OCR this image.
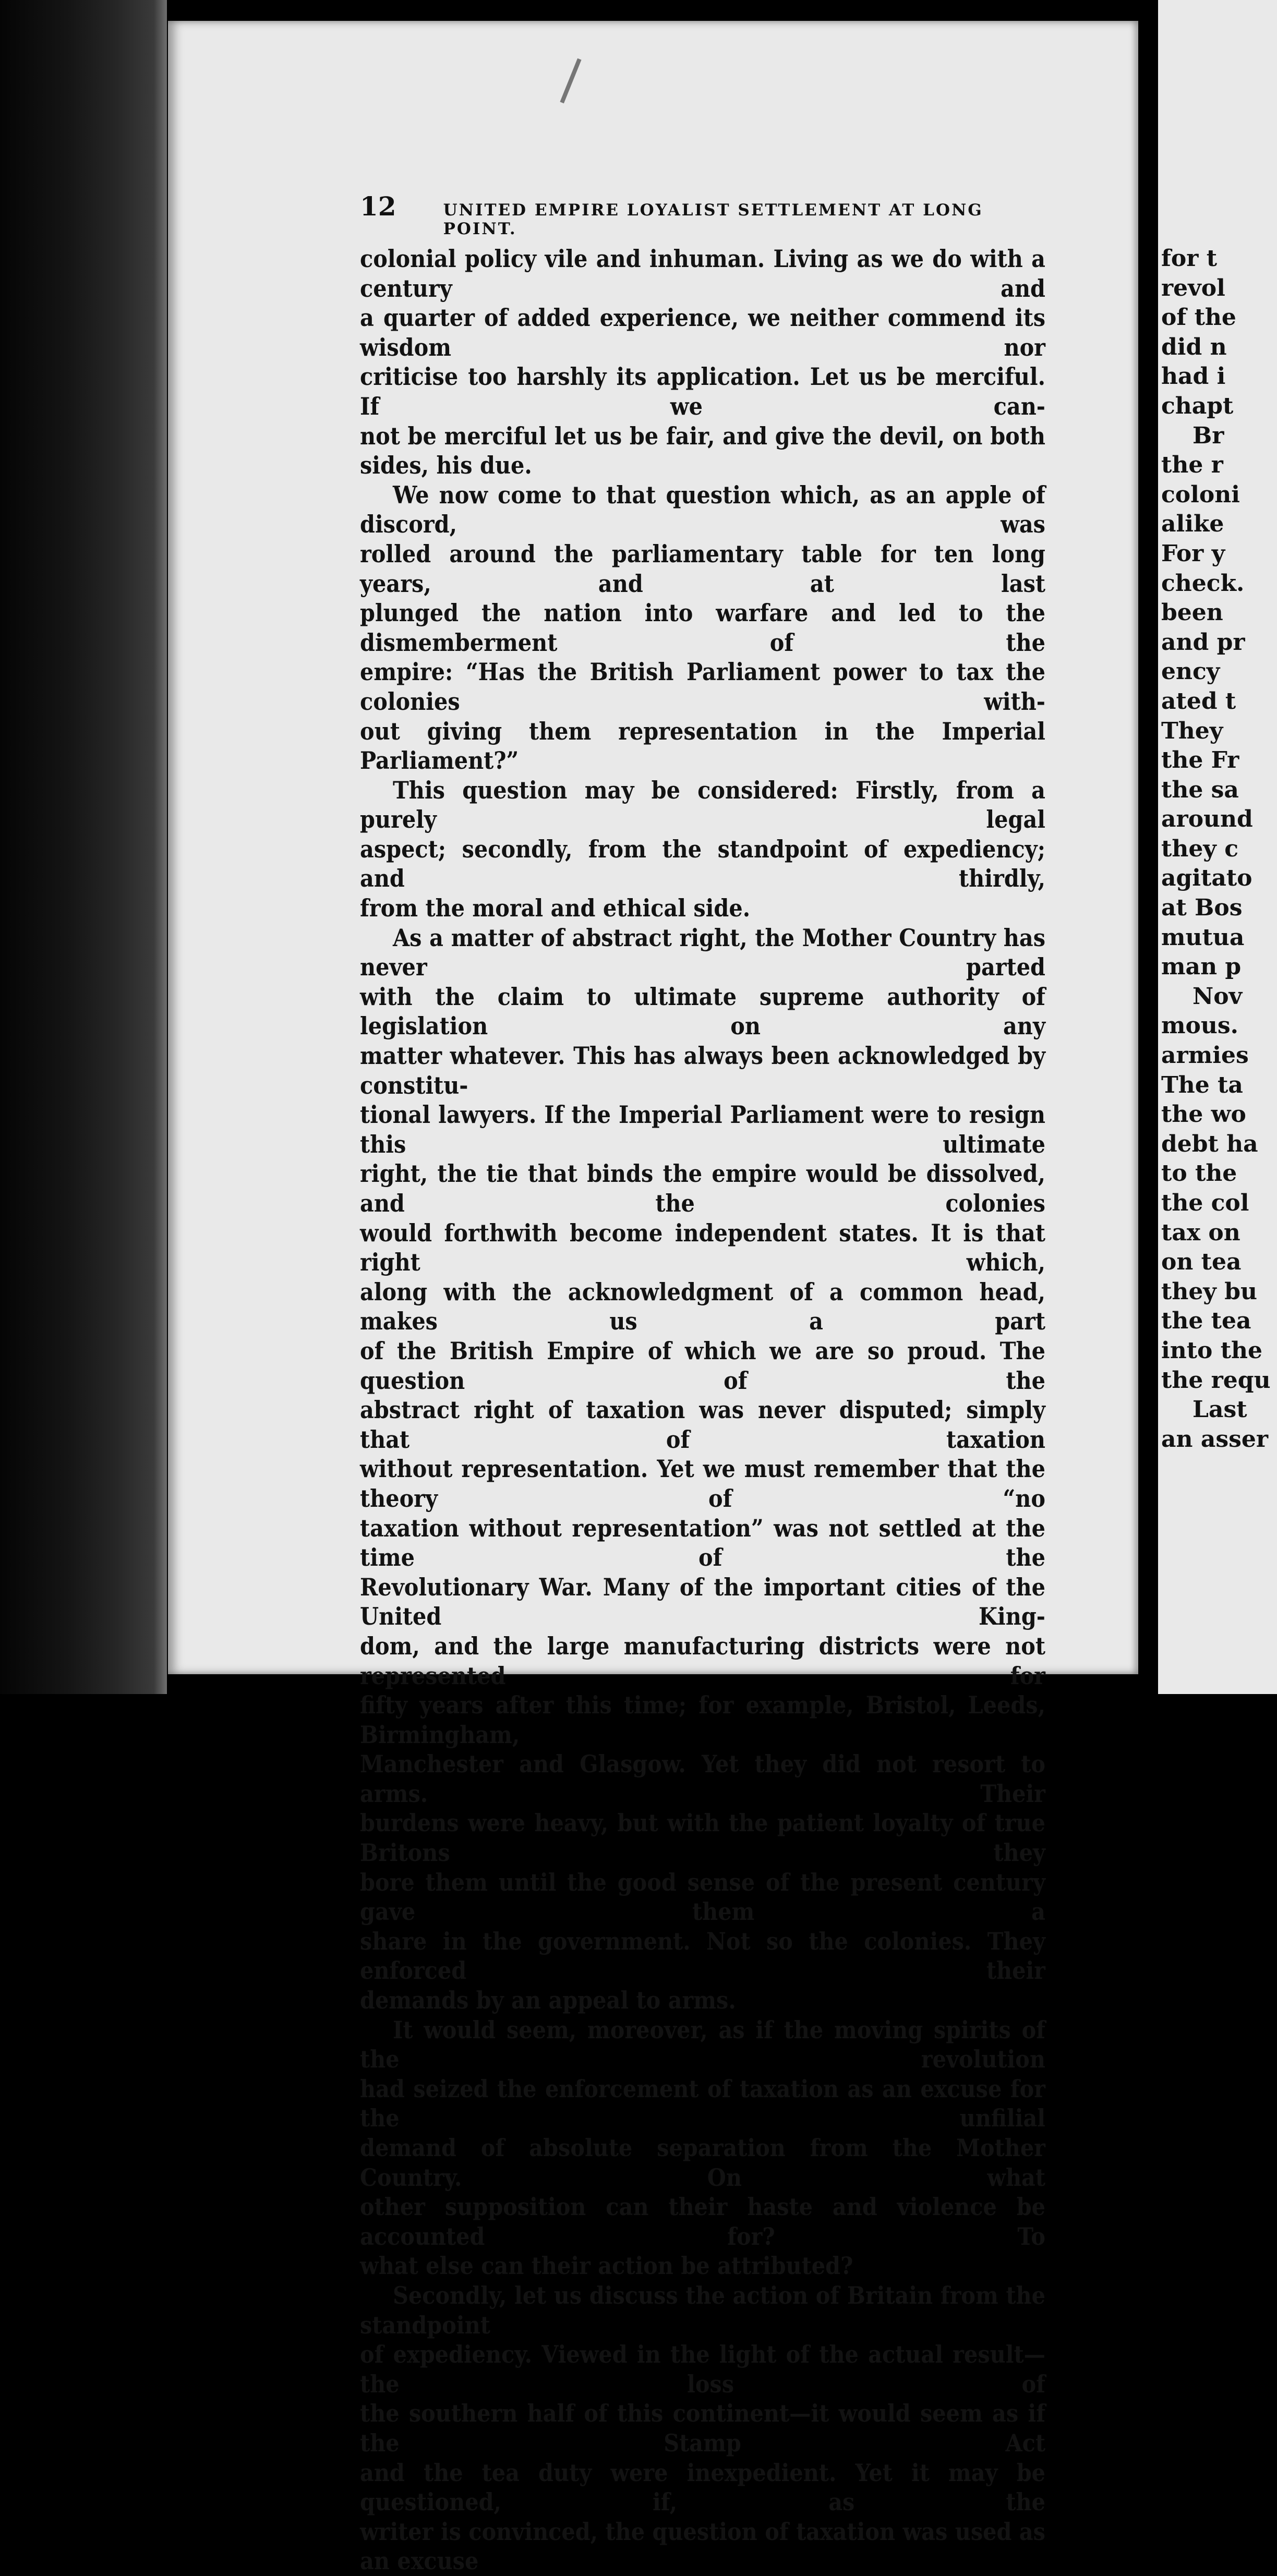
12	UNITED EMPIRE LOYALIST SETTLEMENT AT LONG POINT.

colonial policy vile and inhuman. Living as we do with a century and

a quarter of added experience, we neither commend its wisdom nor

criticise too harshly its application. Let us be merciful. If we can-

not be merciful let us be fair, and give the devil, on both sides, his due.

We now come to that question which, as an apple of discord, was

rolled around the parliamentary table for ten long years, and at last

plunged the nation into warfare and led to the dismemberment of the

empire: “Has the British Parliament power to tax the colonies with-

out giving them representation in the Imperial Parliament?”

This question may be considered: Firstly, from a purely legal

aspect; secondly, from the standpoint of expediency; and thirdly,

from the moral and ethical side.

As a matter of abstract right, the Mother Country has never parted

with the claim to ultimate supreme authority of legislation on any

matter whatever. This has always been acknowledged by constitu-

tional lawyers. If the Imperial Parliament were to resign this ultimate

right, the tie that binds the empire would be dissolved, and the colonies

would forthwith become independent states. It is that right which,

along with the acknowledgment of a common head, makes us a part

of the British Empire of which we are so proud. The question of the

abstract right of taxation was never disputed; simply that of taxation

without representation. Yet we must remember that the theory of “no

taxation without representation” was not settled at the time of the

Revolutionary War. Many of the important cities of the United King-

dom, and the large manufacturing districts were not represented for

fifty years after this time; for example, Bristol, Leeds, Birmingham,

Manchester and Glasgow. Yet they did not resort to arms. Their

burdens were heavy, but with the patient loyalty of true Britons they

bore them until the good sense of the present century gave them a

share in the government. Not so the colonies. They enforced their

demands by an appeal to arms.

It would seem, moreover, as if the moving spirits of the revolution

had seized the enforcement of taxation as an excuse for the unfilial

demand of absolute separation from the Mother Country. On what

other supposition can their haste and violence be accounted for? To

what else can their action be attributed?

Secondly, let us discuss the action of Britain from the standpoint

of expediency. Viewed in the light of the actual result—the loss of

the southern half of this continent—it would seem as if the Stamp Act

and the tea duty were inexpedient. Yet it may be questioned, if, as the

writer is convinced, the question of taxation was used as an excuse

for t
revol
of the
did n
had i
chapt
Br
the r
coloni
alike
For y
check.
been
and pr
ency
ated t
They
the Fr
the sa
around
they c
agitato
at Bos
mutua
man p
Nov
mous.
armies
The ta
the wo
debt ha
to the
the col
tax on
on tea
they bu
the tea
into the
the requ
Last
an asser
